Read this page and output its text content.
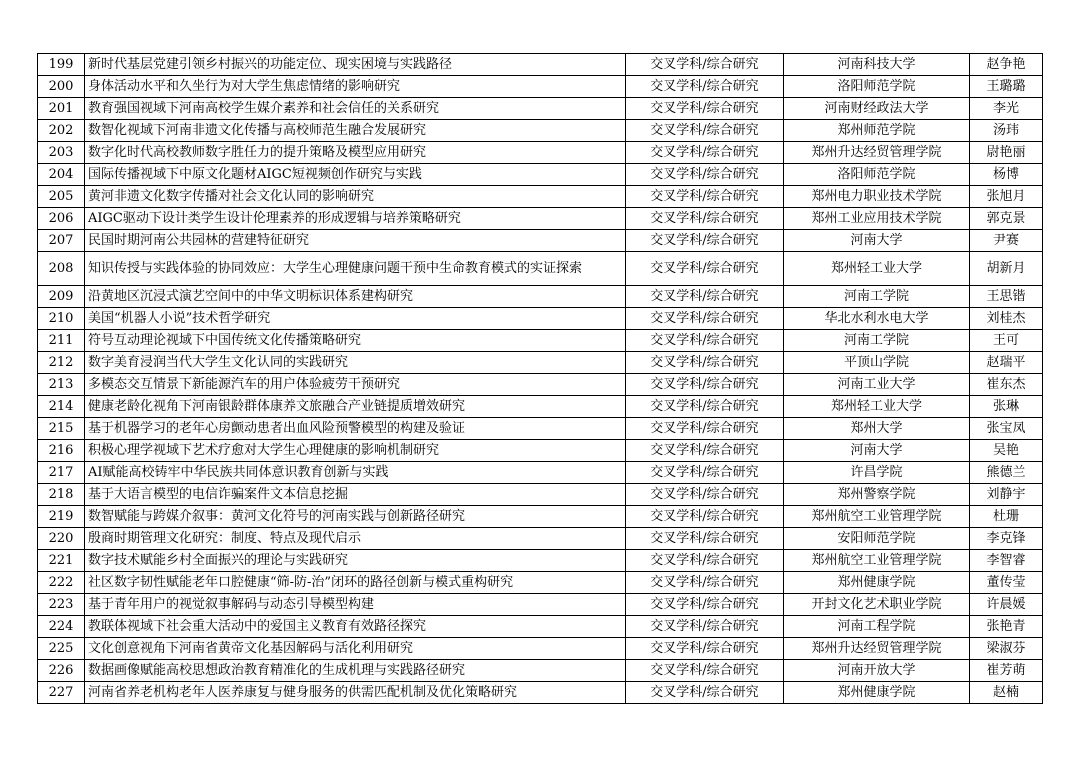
199	新时代基层党建引领乡村振兴的功能定位、现实困境与实践路径	交叉学科/综合研究	河南科技大学	赵争艳
200	身体活动水平和久坐行为对大学生焦虑情绪的影响研究	交叉学科/综合研究	洛阳师范学院	王璐璐
201	教育强国视域下河南高校学生媒介素养和社会信任的关系研究	交叉学科/综合研究	河南财经政法大学	李光
202	数智化视域下河南非遗文化传播与高校师范生融合发展研究	交叉学科/综合研究	郑州师范学院	汤玮
203	数字化时代高校教师数字胜任力的提升策略及模型应用研究	交叉学科/综合研究	郑州升达经贸管理学院	尉艳丽
204	国际传播视域下中原文化题材AIGC短视频创作研究与实践	交叉学科/综合研究	洛阳师范学院	杨博
205	黄河非遗文化数字传播对社会文化认同的影响研究	交叉学科/综合研究	郑州电力职业技术学院	张旭月
206	AIGC驱动下设计类学生设计伦理素养的形成逻辑与培养策略研究	交叉学科/综合研究	郑州工业应用技术学院	郭克景
207	民国时期河南公共园林的营建特征研究	交叉学科/综合研究	河南大学	尹赛
208	知识传授与实践体验的协同效应：大学生心理健康问题干预中生命教育模式的实证探索	交叉学科/综合研究	郑州轻工业大学	胡新月
209	沿黄地区沉浸式演艺空间中的中华文明标识体系建构研究	交叉学科/综合研究	河南工学院	王思锴
210	美国“机器人小说”技术哲学研究	交叉学科/综合研究	华北水利水电大学	刘桂杰
211	符号互动理论视域下中国传统文化传播策略研究	交叉学科/综合研究	河南工学院	王可
212	数字美育浸润当代大学生文化认同的实践研究	交叉学科/综合研究	平顶山学院	赵瑞平
213	多模态交互情景下新能源汽车的用户体验疲劳干预研究	交叉学科/综合研究	河南工业大学	崔东杰
214	健康老龄化视角下河南银龄群体康养文旅融合产业链提质增效研究	交叉学科/综合研究	郑州轻工业大学	张琳
215	基于机器学习的老年心房颤动患者出血风险预警模型的构建及验证	交叉学科/综合研究	郑州大学	张宝凤
216	积极心理学视域下艺术疗愈对大学生心理健康的影响机制研究	交叉学科/综合研究	河南大学	吴艳
217	AI赋能高校铸牢中华民族共同体意识教育创新与实践	交叉学科/综合研究	许昌学院	熊德兰
218	基于大语言模型的电信诈骗案件文本信息挖掘	交叉学科/综合研究	郑州警察学院	刘静宇
219	数智赋能与跨媒介叙事：黄河文化符号的河南实践与创新路径研究	交叉学科/综合研究	郑州航空工业管理学院	杜珊
220	殷商时期管理文化研究：制度、特点及现代启示	交叉学科/综合研究	安阳师范学院	李克锋
221	数字技术赋能乡村全面振兴的理论与实践研究	交叉学科/综合研究	郑州航空工业管理学院	李智睿
222	社区数字韧性赋能老年口腔健康“筛-防-治”闭环的路径创新与模式重构研究	交叉学科/综合研究	郑州健康学院	董传莹
223	基于青年用户的视觉叙事解码与动态引导模型构建	交叉学科/综合研究	开封文化艺术职业学院	许晨媛
224	教联体视域下社会重大活动中的爱国主义教育有效路径探究	交叉学科/综合研究	河南工程学院	张艳青
225	文化创意视角下河南省黄帝文化基因解码与活化利用研究	交叉学科/综合研究	郑州升达经贸管理学院	梁淑芬
226	数据画像赋能高校思想政治教育精准化的生成机理与实践路径研究	交叉学科/综合研究	河南开放大学	崔芳萌
227	河南省养老机构老年人医养康复与健身服务的供需匹配机制及优化策略研究	交叉学科/综合研究	郑州健康学院	赵楠
